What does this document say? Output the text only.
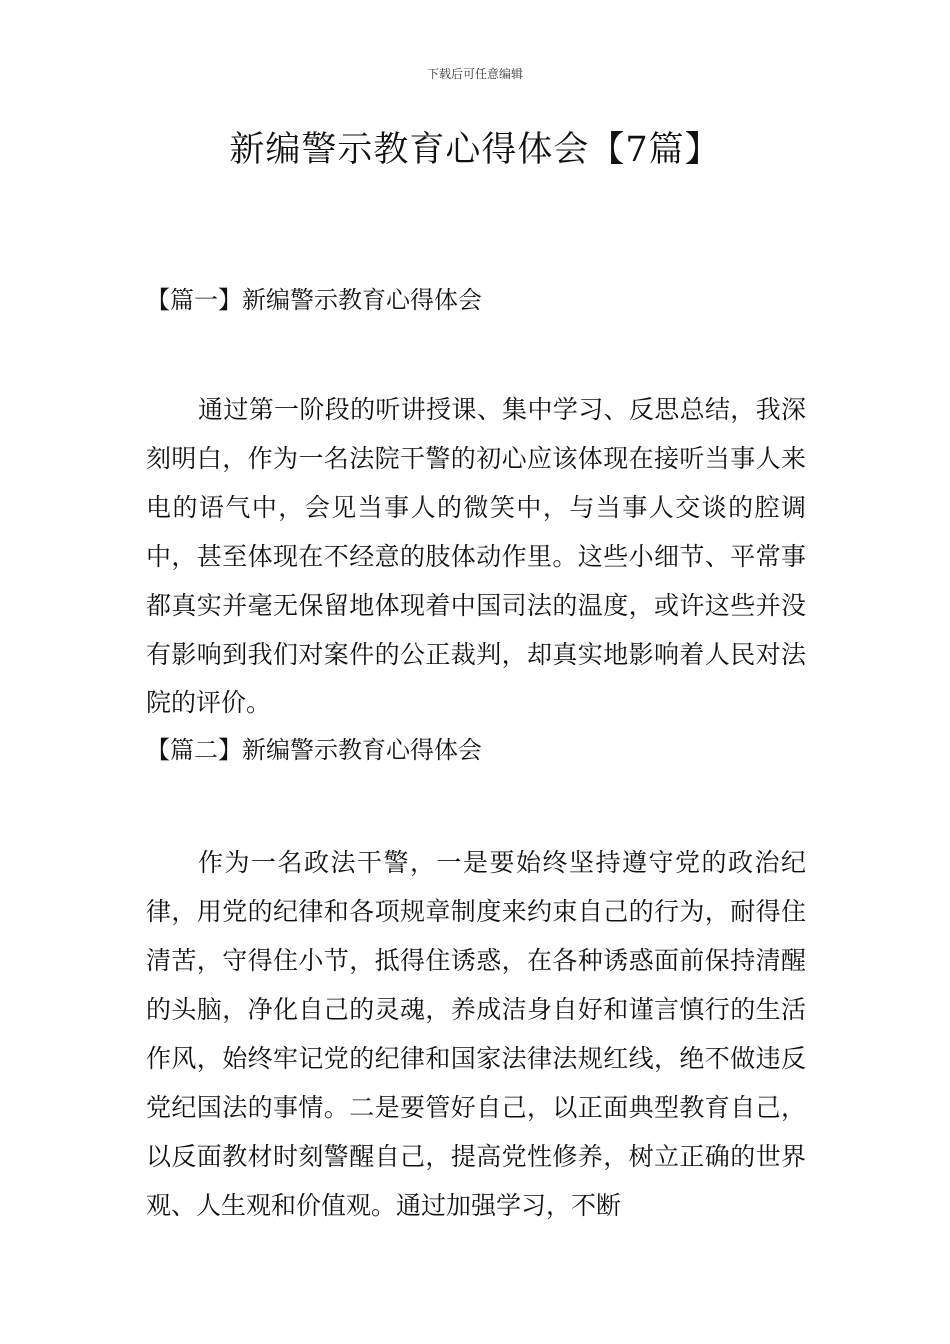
下载后可任意编辑
新编警示教育心得体会【7篇】
【篇一】新编警示教育心得体会

通过第一阶段的听讲授课、集中学习、反思总结，我深刻明白，作为一名法院干警的初心应该体现在接听当事人来电的语气中，会见当事人的微笑中，与当事人交谈的腔调中，甚至体现在不经意的肢体动作里。这些小细节、平常事都真实并毫无保留地体现着中国司法的温度，或许这些并没有影响到我们对案件的公正裁判，却真实地影响着人民对法院的评价。

【篇二】新编警示教育心得体会

作为一名政法干警，一是要始终坚持遵守党的政治纪律，用党的纪律和各项规章制度来约束自己的行为，耐得住清苦，守得住小节，抵得住诱惑，在各种诱惑面前保持清醒的头脑，净化自己的灵魂，养成洁身自好和谨言慎行的生活作风，始终牢记党的纪律和国家法律法规红线，绝不做违反党纪国法的事情。二是要管好自己，以正面典型教育自己，以反面教材时刻警醒自己，提高党性修养，树立正确的世界观、人生观和价值观。通过加强学习，不断
